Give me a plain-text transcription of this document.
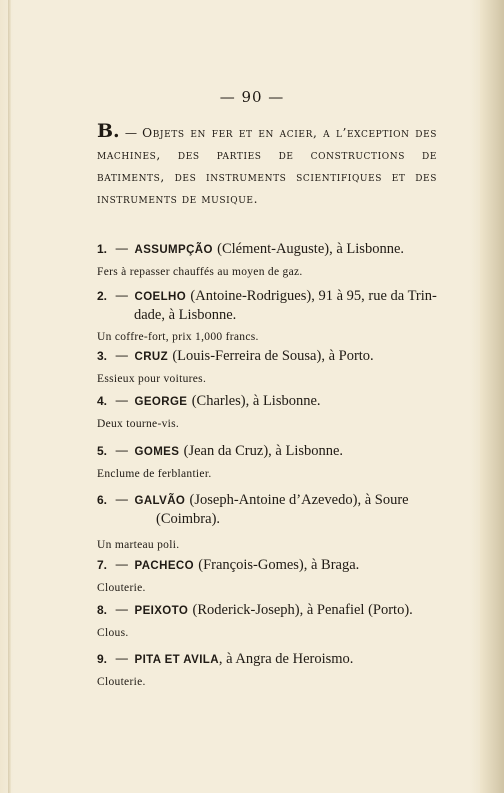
— 90 —
B. — Objets en fer et en acier, a l’exception des machines, des parties de constructions de batiments, des instruments scientifiques et des instruments de musique.
1. — ASSUMPÇÃO (Clément-Auguste), à Lisbonne.
Fers à repasser chauffés au moyen de gaz.
2. — COELHO (Antoine-Rodrigues), 91 à 95, rue da Trin-
dade, à Lisbonne.
Un coffre-fort, prix 1,000 francs.
3. — CRUZ (Louis-Ferreira de Sousa), à Porto.
Essieux pour voitures.
4. — GEORGE (Charles), à Lisbonne.
Deux tourne-vis.
5. — GOMES (Jean da Cruz), à Lisbonne.
Enclume de ferblantier.
6. — GALVÃO (Joseph-Antoine d’Azevedo), à Soure
(Coimbra).
Un marteau poli.
7. — PACHECO (François-Gomes), à Braga.
Clouterie.
8. — PEIXOTO (Roderick-Joseph), à Penafiel (Porto).
Clous.
9. — PITA ET AVILA, à Angra de Heroismo.
Clouterie.
